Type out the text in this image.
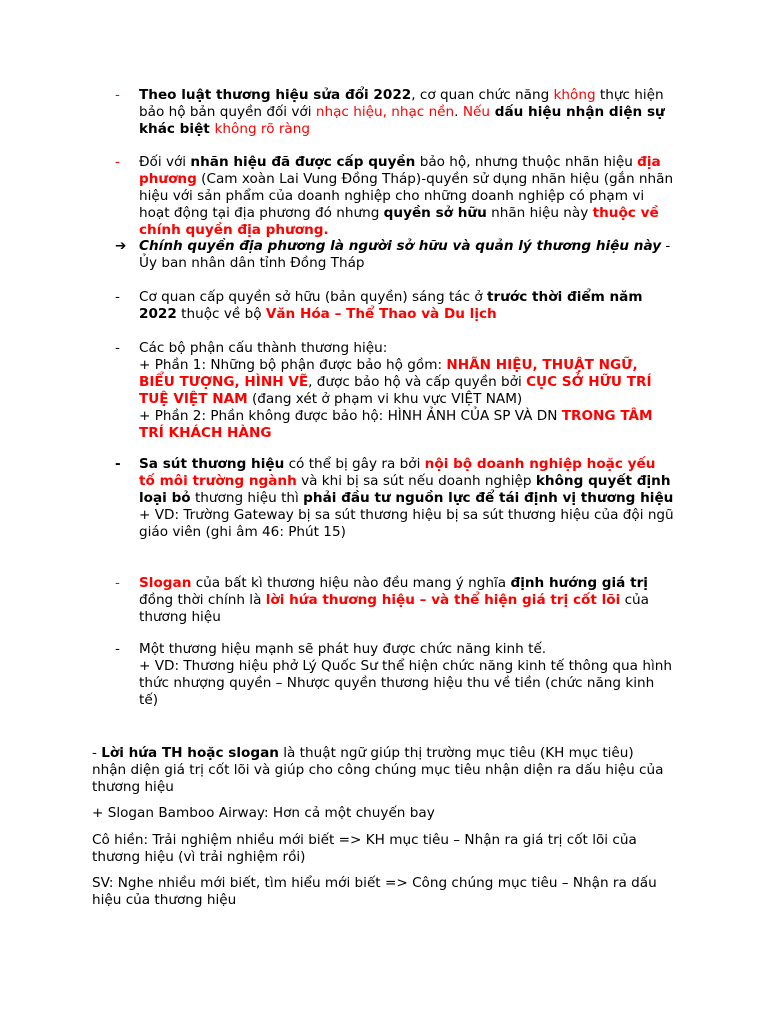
-	Theo luật thương hiệu sửa đổi 2022, cơ quan chức năng không thực hiện bảo hộ bản quyền đối với nhạc hiệu, nhạc nền. Nếu dấu hiệu nhận diện sự khác biệt không rõ ràng
-	Đối với nhãn hiệu đã được cấp quyền bảo hộ, nhưng thuộc nhãn hiệu địa phương (Cam xoàn Lai Vung Đồng Tháp)-quyền sử dụng nhãn hiệu (gắn nhãn hiệu với sản phẩm của doanh nghiệp cho những doanh nghiệp có phạm vi hoạt động tại địa phương đó nhưng quyền sở hữu nhãn hiệu này thuộc về chính quyền địa phương.
➔ Chính quyền địa phương là người sở hữu và quản lý thương hiệu này - Ủy ban nhân dân tỉnh Đồng Tháp
-	Cơ quan cấp quyền sở hữu (bản quyền) sáng tác ở trước thời điểm năm 2022 thuộc về bộ Văn Hóa – Thể Thao và Du lịch
-	Các bộ phận cấu thành thương hiệu:

+ Phần 1: Những bộ phận được bảo hộ gồm: NHÃN HIỆU, THUẬT NGỮ, BIỂU TƯỢNG, HÌNH VẼ, được bảo hộ và cấp quyền bởi CỤC SỞ HỮU TRÍ TUỆ VIỆT NAM (đang xét ở phạm vi khu vực VIỆT NAM)

+ Phần 2: Phần không được bảo hộ: HÌNH ẢNH CỦA SP VÀ DN TRONG TÂM TRÍ KHÁCH HÀNG

-	Sa sút thương hiệu có thể bị gây ra bởi nội bộ doanh nghiệp hoặc yếu tố môi trường ngành và khi bị sa sút nếu doanh nghiệp không quyết định loại bỏ thương hiệu thì phải đầu tư nguồn lực để tái định vị thương hiệu

+ VD: Trường Gateway bị sa sút thương hiệu bị sa sút thương hiệu của đội ngũ giáo viên (ghi âm 46: Phút 15)

-	Slogan của bất kì thương hiệu nào đều mang ý nghĩa định hướng giá trị đồng thời chính là lời hứa thương hiệu – và thể hiện giá trị cốt lõi của thương hiệu
-	Một thương hiệu mạnh sẽ phát huy được chức năng kinh tế.

+ VD: Thương hiệu phở Lý Quốc Sư thể hiện chức năng kinh tế thông qua hình thức nhượng quyền – Nhược quyền thương hiệu thu về tiền (chức năng kinh tế)

- Lời hứa TH hoặc slogan là thuật ngữ giúp thị trường mục tiêu (KH mục tiêu) nhận diện giá trị cốt lõi và giúp cho công chúng mục tiêu nhận diện ra dấu hiệu của thương hiệu
+ Slogan Bamboo Airway: Hơn cả một chuyến bay
Cô hiền: Trải nghiệm nhiều mới biết => KH mục tiêu – Nhận ra giá trị cốt lõi của thương hiệu (vì trải nghiệm rồi)
SV: Nghe nhiều mới biết, tìm hiểu mới biết => Công chúng mục tiêu – Nhận ra dấu hiệu của thương hiệu
